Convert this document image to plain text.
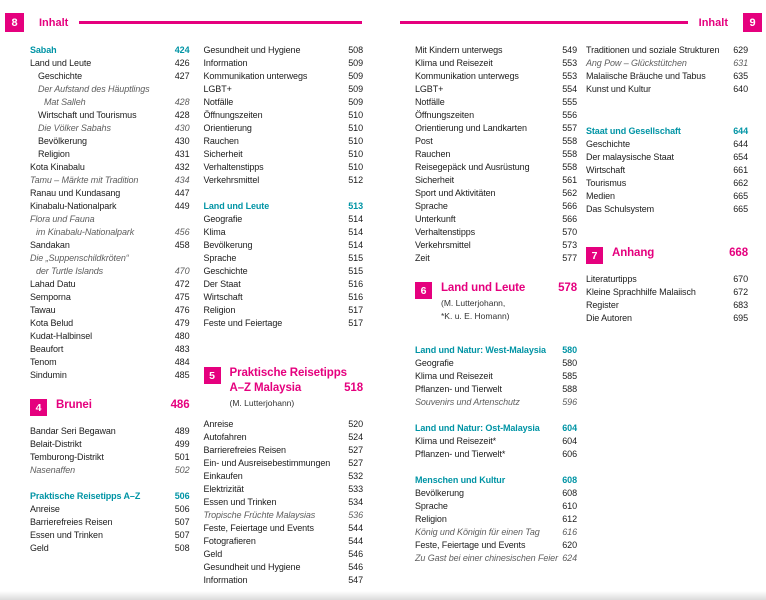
8	Inhalt
Sabah	424
Land und Leute	426
Geschichte	427
Der Aufstand des Häuptlings
Mat Salleh	428
Wirtschaft und Tourismus	428
Die Völker Sabahs	430
Bevölkerung	430
Religion	431
Kota Kinabalu	432
Tamu – Märkte mit Tradition	434
Ranau und Kundasang	447
Kinabalu-Nationalpark	449
Flora und Fauna
im Kinabalu-Nationalpark	456
Sandakan	458
Die „Suppenschildkröten“
der Turtle Islands	470
Lahad Datu	472
Semporna	475
Tawau	476
Kota Belud	479
Kudat-Halbinsel	480
Beaufort	483
Tenom	484
Sindumin	485
4	Brunei	486
Bandar Seri Begawan	489
Belait-Distrikt	499
Temburong-Distrikt	501
Nasenaffen	502
Praktische Reisetipps A–Z	506
Anreise	506
Barrierefreies Reisen	507
Essen und Trinken	507
Geld	508
Gesundheit und Hygiene	508
Information	509
Kommunikation unterwegs	509
LGBT+	509
Notfälle	509
Öffnungszeiten	510
Orientierung	510
Rauchen	510
Sicherheit	510
Verhaltenstipps	510
Verkehrsmittel	512
Land und Leute	513
Geografie	514
Klima	514
Bevölkerung	514
Sprache	515
Geschichte	515
Der Staat	516
Wirtschaft	516
Religion	517
Feste und Feiertage	517
5	Praktische Reisetipps
A–Z Malaysia	518
(M. Lutterjohann)
Anreise	520
Autofahren	524
Barrierefreies Reisen	527
Ein- und Ausreisebestimmungen	527
Einkaufen	532
Elektrizität	533
Essen und Trinken	534
Tropische Früchte Malaysias	536
Feste, Feiertage und Events	544
Fotografieren	544
Geld	546
Gesundheit und Hygiene	546
Information	547
Inhalt	9
Mit Kindern unterwegs	549
Klima und Reisezeit	553
Kommunikation unterwegs	553
LGBT+	554
Notfälle	555
Öffnungszeiten	556
Orientierung und Landkarten	557
Post	558
Rauchen	558
Reisegepäck und Ausrüstung	558
Sicherheit	561
Sport und Aktivitäten	562
Sprache	566
Unterkunft	566
Verhaltenstipps	570
Verkehrsmittel	573
Zeit	577
6	Land und Leute	578
(M. Lutterjohann,
*K. u. E. Homann)
Land und Natur: West-Malaysia	580
Geografie	580
Klima und Reisezeit	585
Pflanzen- und Tierwelt	588
Souvenirs und Artenschutz	596
Land und Natur: Ost-Malaysia	604
Klima und Reisezeit*	604
Pflanzen- und Tierwelt*	606
Menschen und Kultur	608
Bevölkerung	608
Sprache	610
Religion	612
König und Königin für einen Tag	616
Feste, Feiertage und Events	620
Zu Gast bei einer chinesischen Feier 624
Traditionen und soziale Strukturen	629
Ang Pow – Glückstütchen	631
Malaiische Bräuche und Tabus	635
Kunst und Kultur	640
Staat und Gesellschaft	644
Geschichte	644
Der malaysische Staat	654
Wirtschaft	661
Tourismus	662
Medien	665
Das Schulsystem	665
7	Anhang	668
Literaturtipps	670
Kleine Sprachhilfe Malaiisch	672
Register	683
Die Autoren	695
